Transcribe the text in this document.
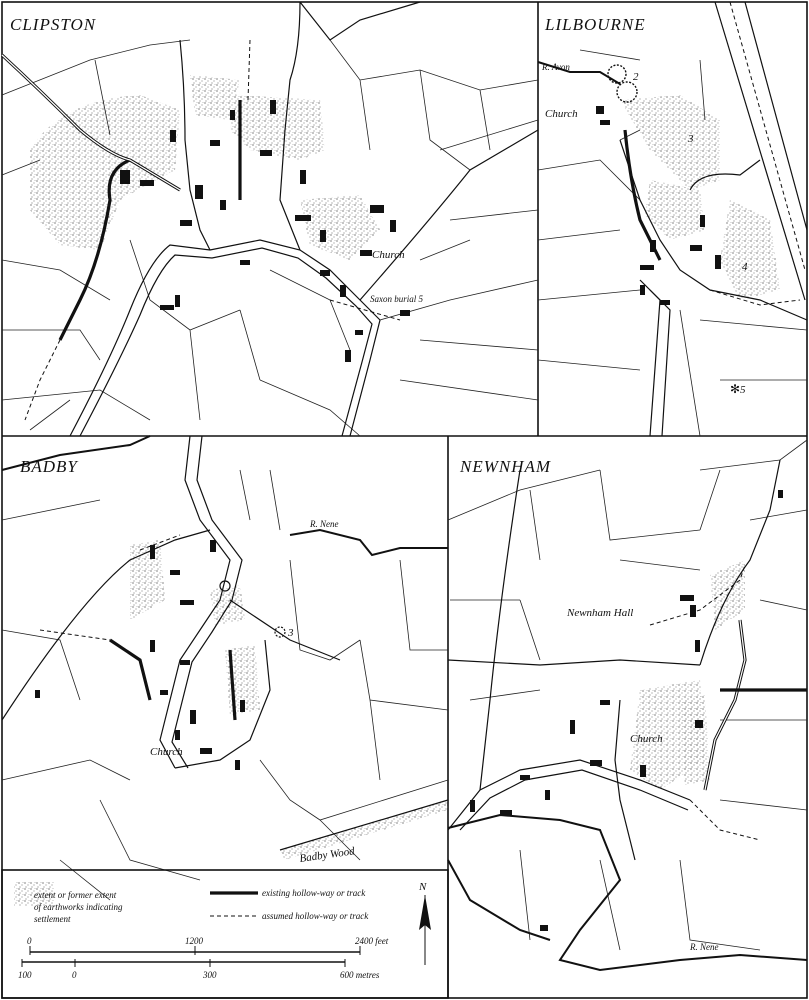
CLIPSTON
Church
Saxon burial 5
LILBOURNE
R. Avon
Church
2
3
4
5
✻
BADBY
R. Nene
Church
3
Badby Wood
extent or former extent
of earthworks indicating
settlement
existing hollow-way or track
assumed hollow-way or track
N
0	1200	2400 feet
100	0	300	600 metres
NEWNHAM
Newnham Hall
Church
R. Nene
